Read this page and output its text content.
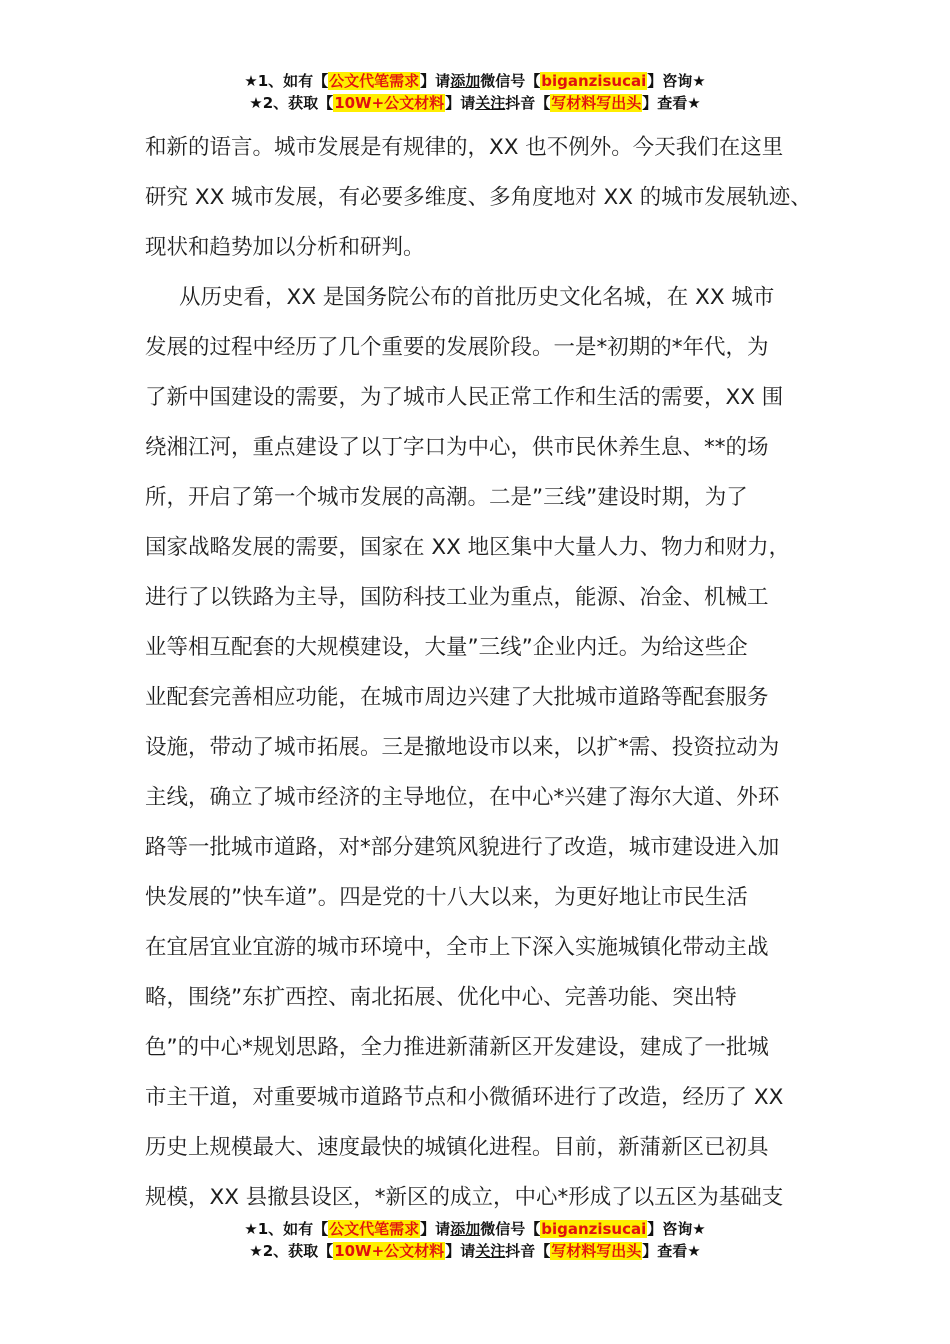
★1、如有【公文代笔需求】请添加微信号【biganzisucai】咨询★
★2、获取【10W+公文材料】请关注抖音【写材料写出头】查看★

和新的语言。城市发展是有规律的，XX 也不例外。今天我们在这里
研究 XX 城市发展，有必要多维度、多角度地对 XX 的城市发展轨迹、
现状和趋势加以分析和研判。

从历史看，XX 是国务院公布的首批历史文化名城，在 XX 城市
发展的过程中经历了几个重要的发展阶段。一是*初期的*年代，为
了新中国建设的需要，为了城市人民正常工作和生活的需要，XX 围
绕湘江河，重点建设了以丁字口为中心，供市民休养生息、**的场
所，开启了第一个城市发展的高潮。二是”三线”建设时期，为了
国家战略发展的需要，国家在 XX 地区集中大量人力、物力和财力，
进行了以铁路为主导，国防科技工业为重点，能源、冶金、机械工
业等相互配套的大规模建设，大量”三线”企业内迁。为给这些企
业配套完善相应功能，在城市周边兴建了大批城市道路等配套服务
设施，带动了城市拓展。三是撤地设市以来，以扩*需、投资拉动为
主线，确立了城市经济的主导地位，在中心*兴建了海尔大道、外环
路等一批城市道路，对*部分建筑风貌进行了改造，城市建设进入加
快发展的”快车道”。四是党的十八大以来，为更好地让市民生活
在宜居宜业宜游的城市环境中，全市上下深入实施城镇化带动主战
略，围绕”东扩西控、南北拓展、优化中心、完善功能、突出特
色”的中心*规划思路，全力推进新蒲新区开发建设，建成了一批城
市主干道，对重要城市道路节点和小微循环进行了改造，经历了 XX
历史上规模最大、速度最快的城镇化进程。目前，新蒲新区已初具
规模，XX 县撤县设区，*新区的成立，中心*形成了以五区为基础支

★1、如有【公文代笔需求】请添加微信号【biganzisucai】咨询★
★2、获取【10W+公文材料】请关注抖音【写材料写出头】查看★
